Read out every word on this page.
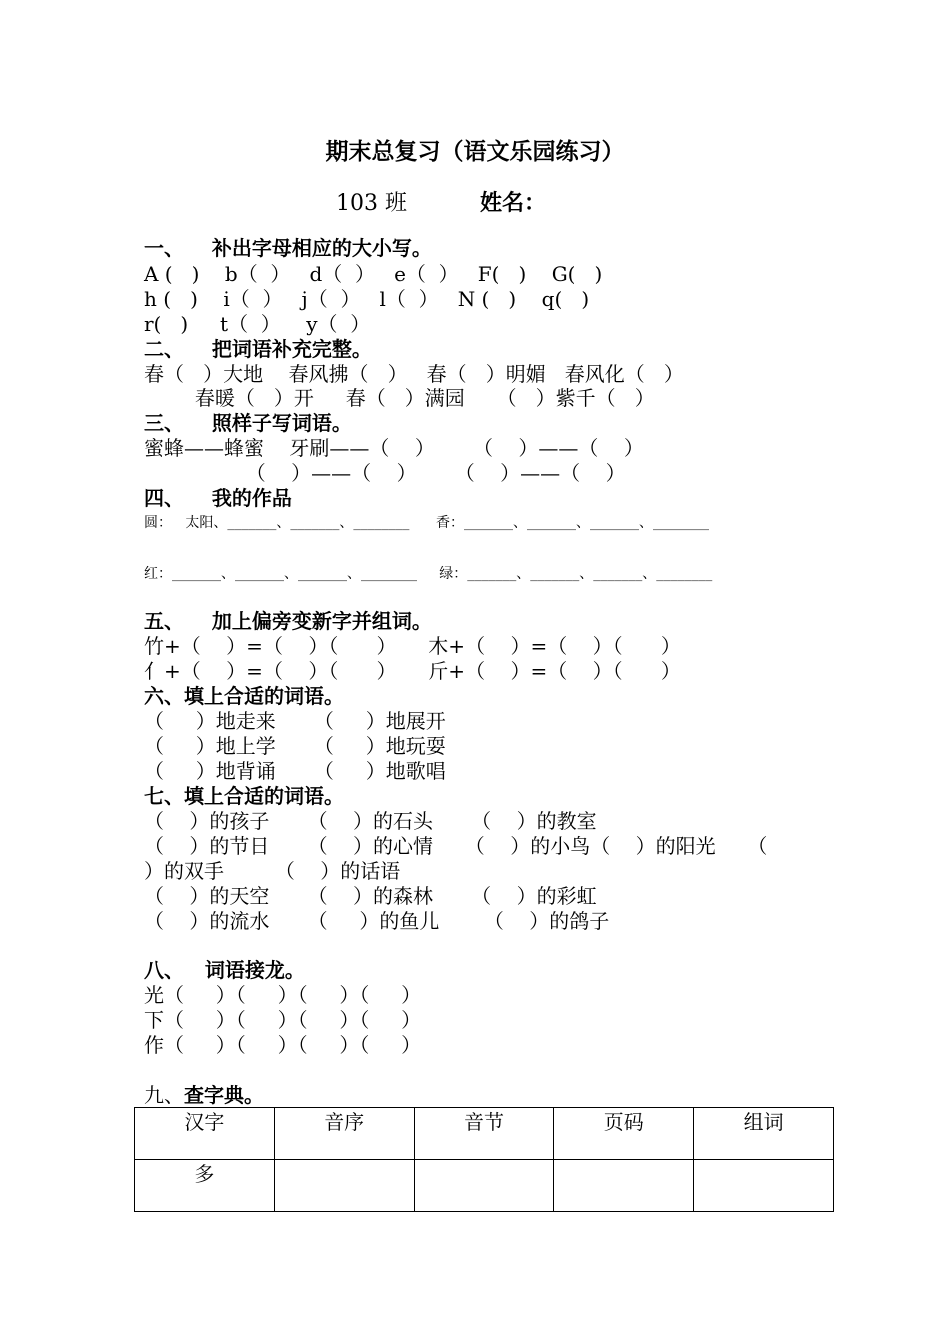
期末总复习（语文乐园练习）
103 班	姓名：
一、    补出字母相应的大小写。
A (   )    b（  ）   d（  ）   e（  ）   F(   )    G(   )
h (   )    i（  ）   j（  ）   l（  ）   N (   )    q(   )
r(   )     t（  ）    y（  ）
二、    把词语补充完整。
春（   ）大地    春风拂（   ）   春（   ）明媚   春风化（   ）
春暖（   ）开     春（   ）满园     （   ）紫千（   ）
三、    照样子写词语。
蜜蜂——蜂蜜    牙刷——（    ）      （    ）——（    ）
（    ）——（    ）      （    ）——（    ）
四、    我的作品
圆：   太阳、_______、_______、________      香：_______、_______、_______、________
红：_______、_______、_______、________     绿：_______、_______、_______、________
五、    加上偏旁变新字并组词。
竹+（    ）=（    ）（      ）     木+（    ）=（    ）（      ）
亻+（    ）=（    ）（      ）     斤+（    ）=（    ）（      ）
六、填上合适的词语。
（     ）地走来      （     ）地展开
（     ）地上学      （     ）地玩耍
（     ）地背诵      （     ）地歌唱
七、填上合适的词语。
（    ）的孩子      （    ）的石头      （    ）的教室
（    ）的节日      （    ）的心情     （    ）的小鸟（    ）的阳光     （
）的双手        （    ）的话语
（    ）的天空      （    ）的森林      （    ）的彩虹
（    ）的流水      （     ）的鱼儿       （    ）的鸽子
八、   词语接龙。
光（     ）（     ）（     ）（     ）
下（     ）（     ）（     ）（     ）
作（     ）（     ）（     ）（     ）
九、查字典。
汉字	音序	音节	页码	组词
多				
